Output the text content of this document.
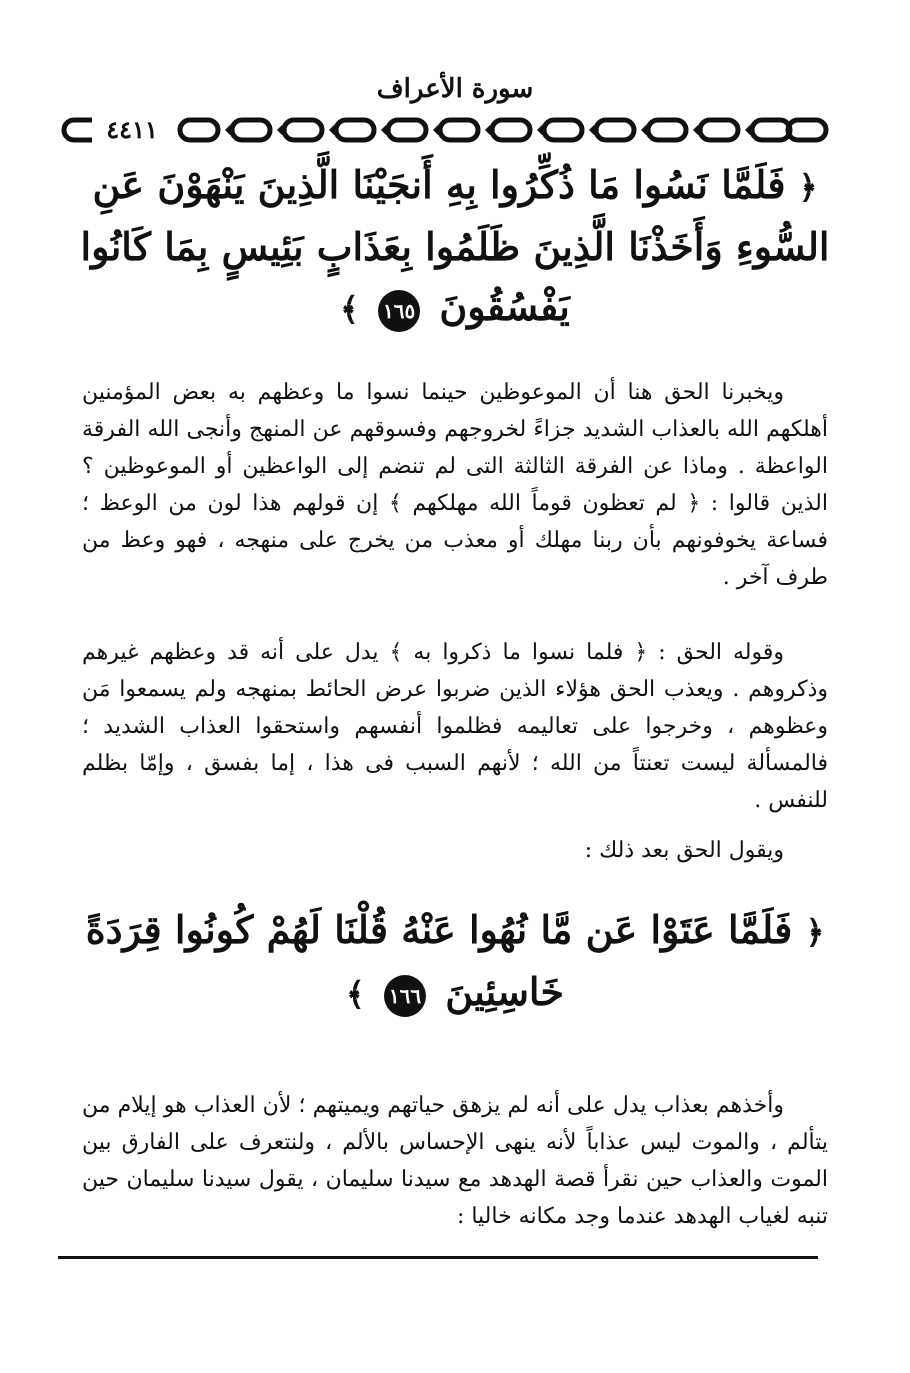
سورة الأعراف
٤٤١١
﴿ فَلَمَّا نَسُوا مَا ذُكِّرُوا بِهِ أَنجَيْنَا الَّذِينَ يَنْهَوْنَ عَنِ السُّوءِ وَأَخَذْنَا الَّذِينَ ظَلَمُوا بِعَذَابٍ بَئِيسٍ بِمَا كَانُوا يَفْسُقُونَ ١٦٥ ﴾

ويخبرنا الحق هنا أن الموعوظين حينما نسوا ما وعظهم به بعض المؤمنين أهلكهم الله بالعذاب الشديد جزاءً لخروجهم وفسوقهم عن المنهج وأنجى الله الفرقة الواعظة . وماذا عن الفرقة الثالثة التى لم تنضم إلى الواعظين أو الموعوظين ؟ الذين قالوا : ﴿ لم تعظون قوماً الله مهلكهم ﴾ إن قولهم هذا لون من الوعظ ؛ فساعة يخوفونهم بأن ربنا مهلك أو معذب من يخرج على منهجه ، فهو وعظ من طرف آخر .

وقوله الحق : ﴿ فلما نسوا ما ذكروا به ﴾ يدل على أنه قد وعظهم غيرهم وذكروهم . ويعذب الحق هؤلاء الذين ضربوا عرض الحائط بمنهجه ولم يسمعوا مَن وعظوهم ، وخرجوا على تعاليمه فظلموا أنفسهم واستحقوا العذاب الشديد ؛ فالمسألة ليست تعنتاً من الله ؛ لأنهم السبب فى هذا ، إما بفسق ، وإمّا بظلم للنفس .

ويقول الحق بعد ذلك :

﴿ فَلَمَّا عَتَوْا عَن مَّا نُهُوا عَنْهُ قُلْنَا لَهُمْ كُونُوا قِرَدَةً خَاسِئِينَ ١٦٦ ﴾

وأخذهم بعذاب يدل على أنه لم يزهق حياتهم ويميتهم ؛ لأن العذاب هو إيلام من يتألم ، والموت ليس عذاباً لأنه ينهى الإحساس بالألم ، ولنتعرف على الفارق بين الموت والعذاب حين نقرأ قصة الهدهد مع سيدنا سليمان ، يقول سيدنا سليمان حين تنبه لغياب الهدهد عندما وجد مكانه خاليا :
